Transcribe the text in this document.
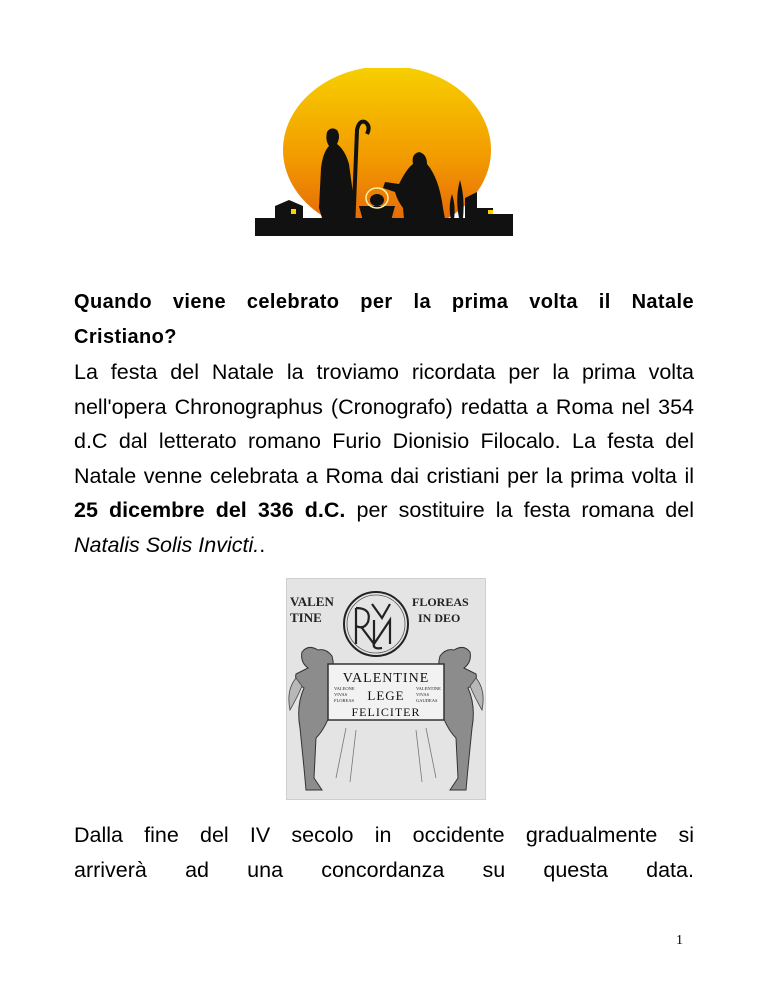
Quando viene celebrato per la prima volta il Natale
Cristiano?
La festa del Natale la troviamo ricordata per la prima volta nell'opera Chronographus (Cronografo) redatta a Roma nel 354 d.C dal letterato romano Furio Dionisio Filocalo. La festa del Natale venne celebrata a Roma dai cristiani per la prima volta il 25 dicembre del 336 d.C. per sostituire la festa romana del Natalis Solis Invicti..
VALEN
TINE
FLOREAS
IN DEO
VALENTINE
VALEONE
VIVAS
FLOREAS LEGE	VALENTINE
VIVAS
GAUDEAS
FELICITER
Dalla fine del IV secolo in occidente gradualmente si
arriverà ad una concordanza su questa data.
1
